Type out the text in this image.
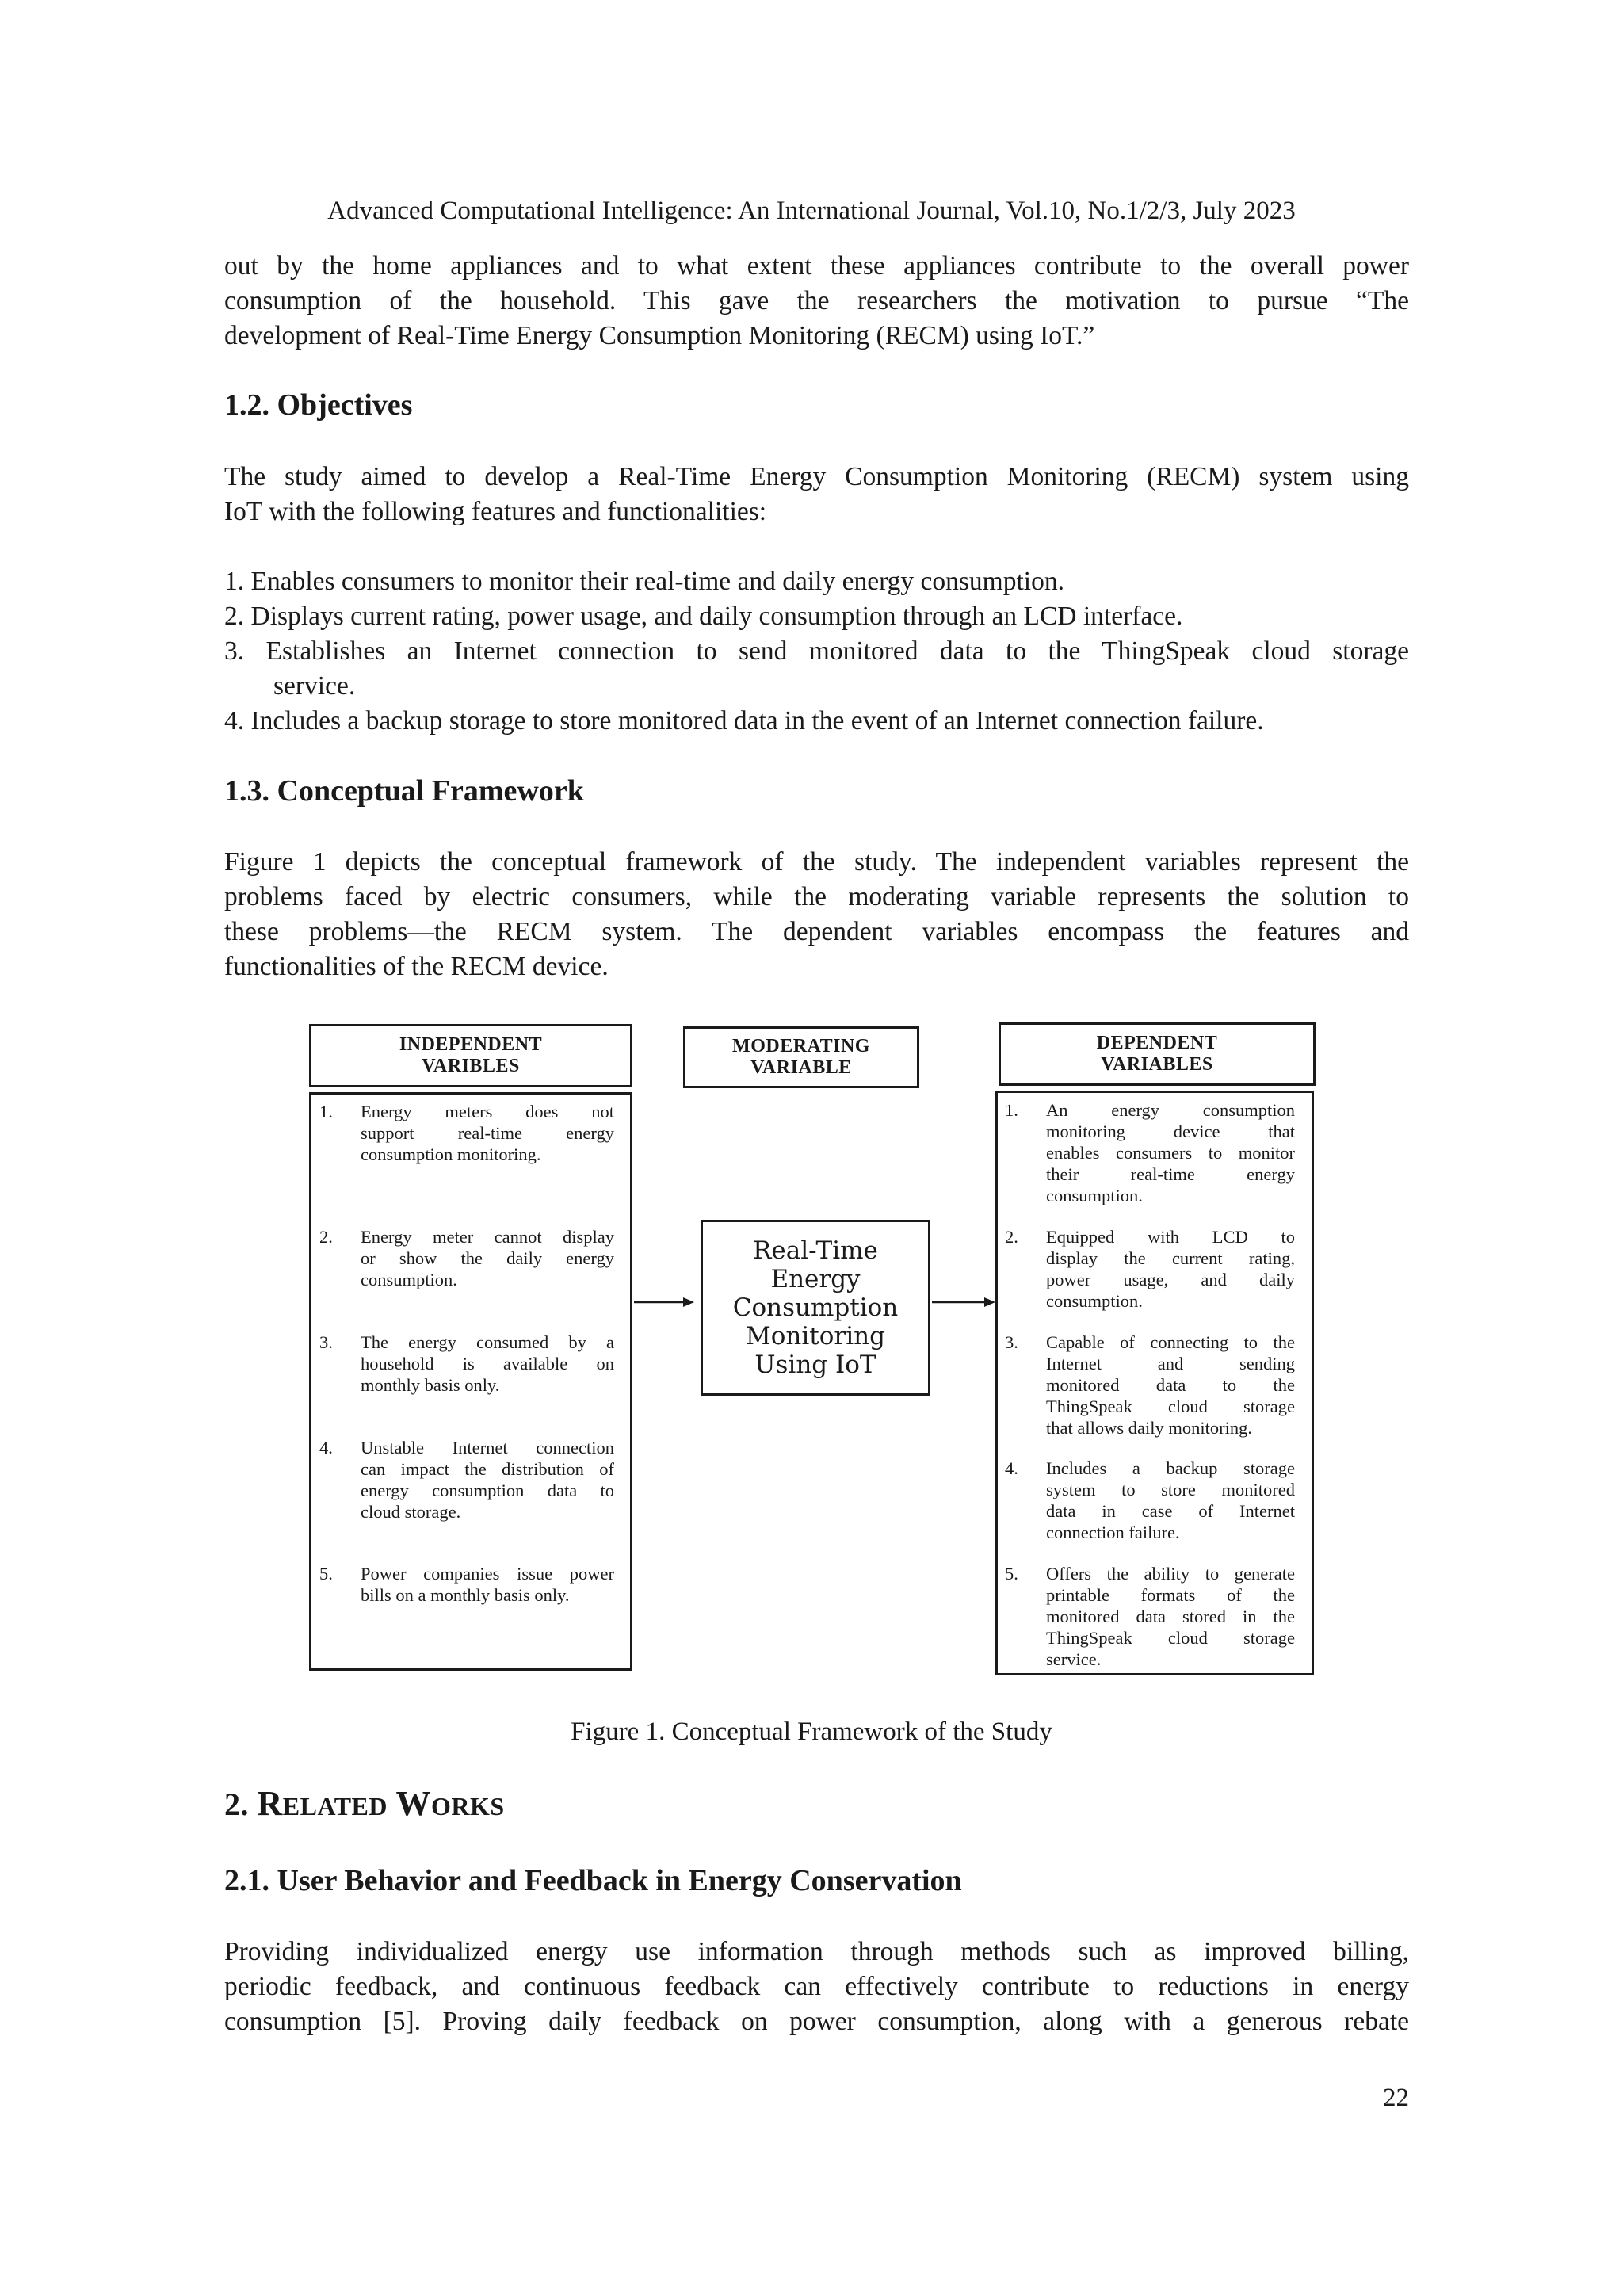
Advanced Computational Intelligence: An International Journal, Vol.10, No.1/2/3, July 2023
out by the home appliances and to what extent these appliances contribute to the overall power
consumption of the household. This gave the researchers the motivation to pursue “The
development of Real-Time Energy Consumption Monitoring (RECM) using IoT.”
1.2. Objectives
The study aimed to develop a Real-Time Energy Consumption Monitoring (RECM) system using
IoT with the following features and functionalities:
1. Enables consumers to monitor their real-time and daily energy consumption.
2. Displays current rating, power usage, and daily consumption through an LCD interface.
3. Establishes an Internet connection to send monitored data to the ThingSpeak cloud storage
service.
4. Includes a backup storage to store monitored data in the event of an Internet connection failure.
1.3. Conceptual Framework
Figure 1 depicts the conceptual framework of the study. The independent variables represent the
problems faced by electric consumers, while the moderating variable represents the solution to
these problems—the RECM system. The dependent variables encompass the features and
functionalities of the RECM device.
INDEPENDENT
VARIBLES
MODERATING
VARIABLE
DEPENDENT
VARIABLES
Real-Time
Energy
Consumption
Monitoring
Using IoT
1. Energy meters does not
support real-time energy
consumption monitoring.
2. Energy meter cannot display
or show the daily energy
consumption.
3. The energy consumed by a
household is available on
monthly basis only.
4. Unstable Internet connection
can impact the distribution of
energy consumption data to
cloud storage.
5. Power companies issue power
bills on a monthly basis only.
1. An energy consumption
monitoring device that
enables consumers to monitor
their real-time energy
consumption.
2. Equipped with LCD to
display the current rating,
power usage, and daily
consumption.
3. Capable of connecting to the
Internet and sending
monitored data to the
ThingSpeak cloud storage
that allows daily monitoring.
4. Includes a backup storage
system to store monitored
data in case of Internet
connection failure.
5. Offers the ability to generate
printable formats of the
monitored data stored in the
ThingSpeak cloud storage
service.
Figure 1. Conceptual Framework of the Study
2. RELATED WORKS
2.1. User Behavior and Feedback in Energy Conservation
Providing individualized energy use information through methods such as improved billing,
periodic feedback, and continuous feedback can effectively contribute to reductions in energy
consumption [5]. Proving daily feedback on power consumption, along with a generous rebate
22
